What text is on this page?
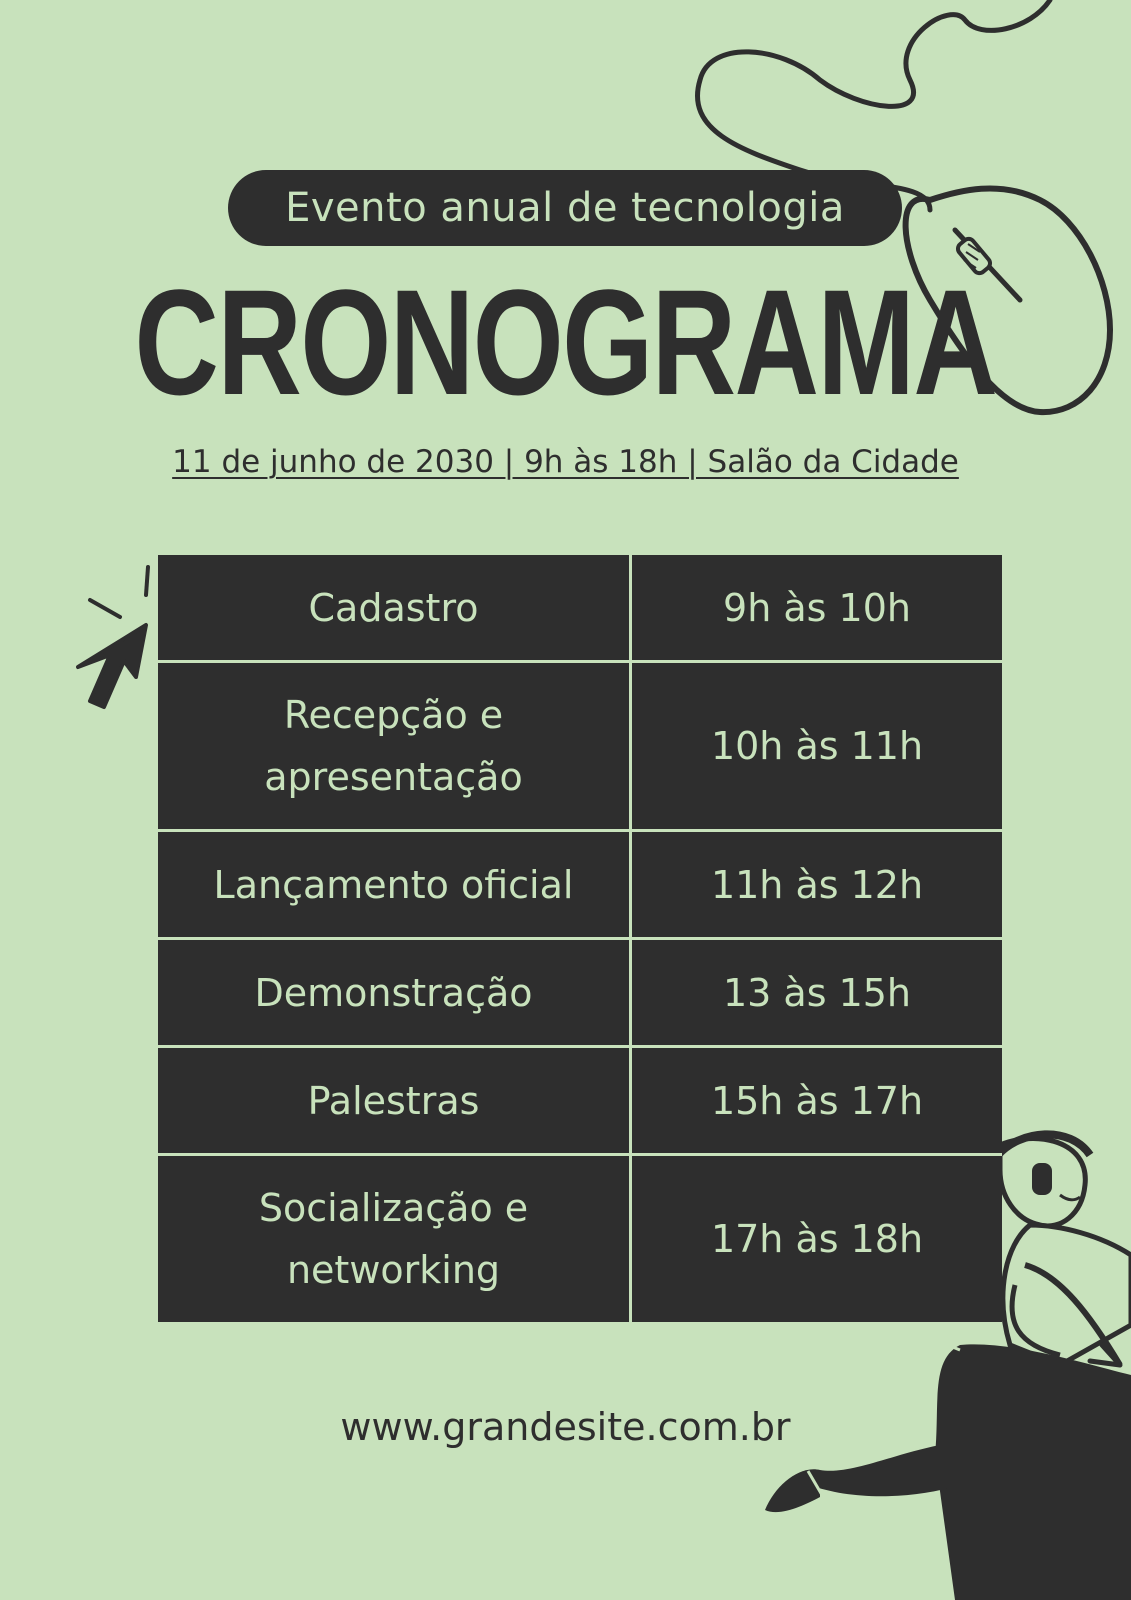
Evento anual de tecnologia
CRONOGRAMA
11 de junho de 2030 | 9h às 18h | Salão da Cidade
Cadastro	9h às 10h
Recepção e apresentação	10h às 11h
Lançamento oficial	11h às 12h
Demonstração	13 às 15h
Palestras	15h às 17h
Socialização e networking	17h às 18h
www.grandesite.com.br
